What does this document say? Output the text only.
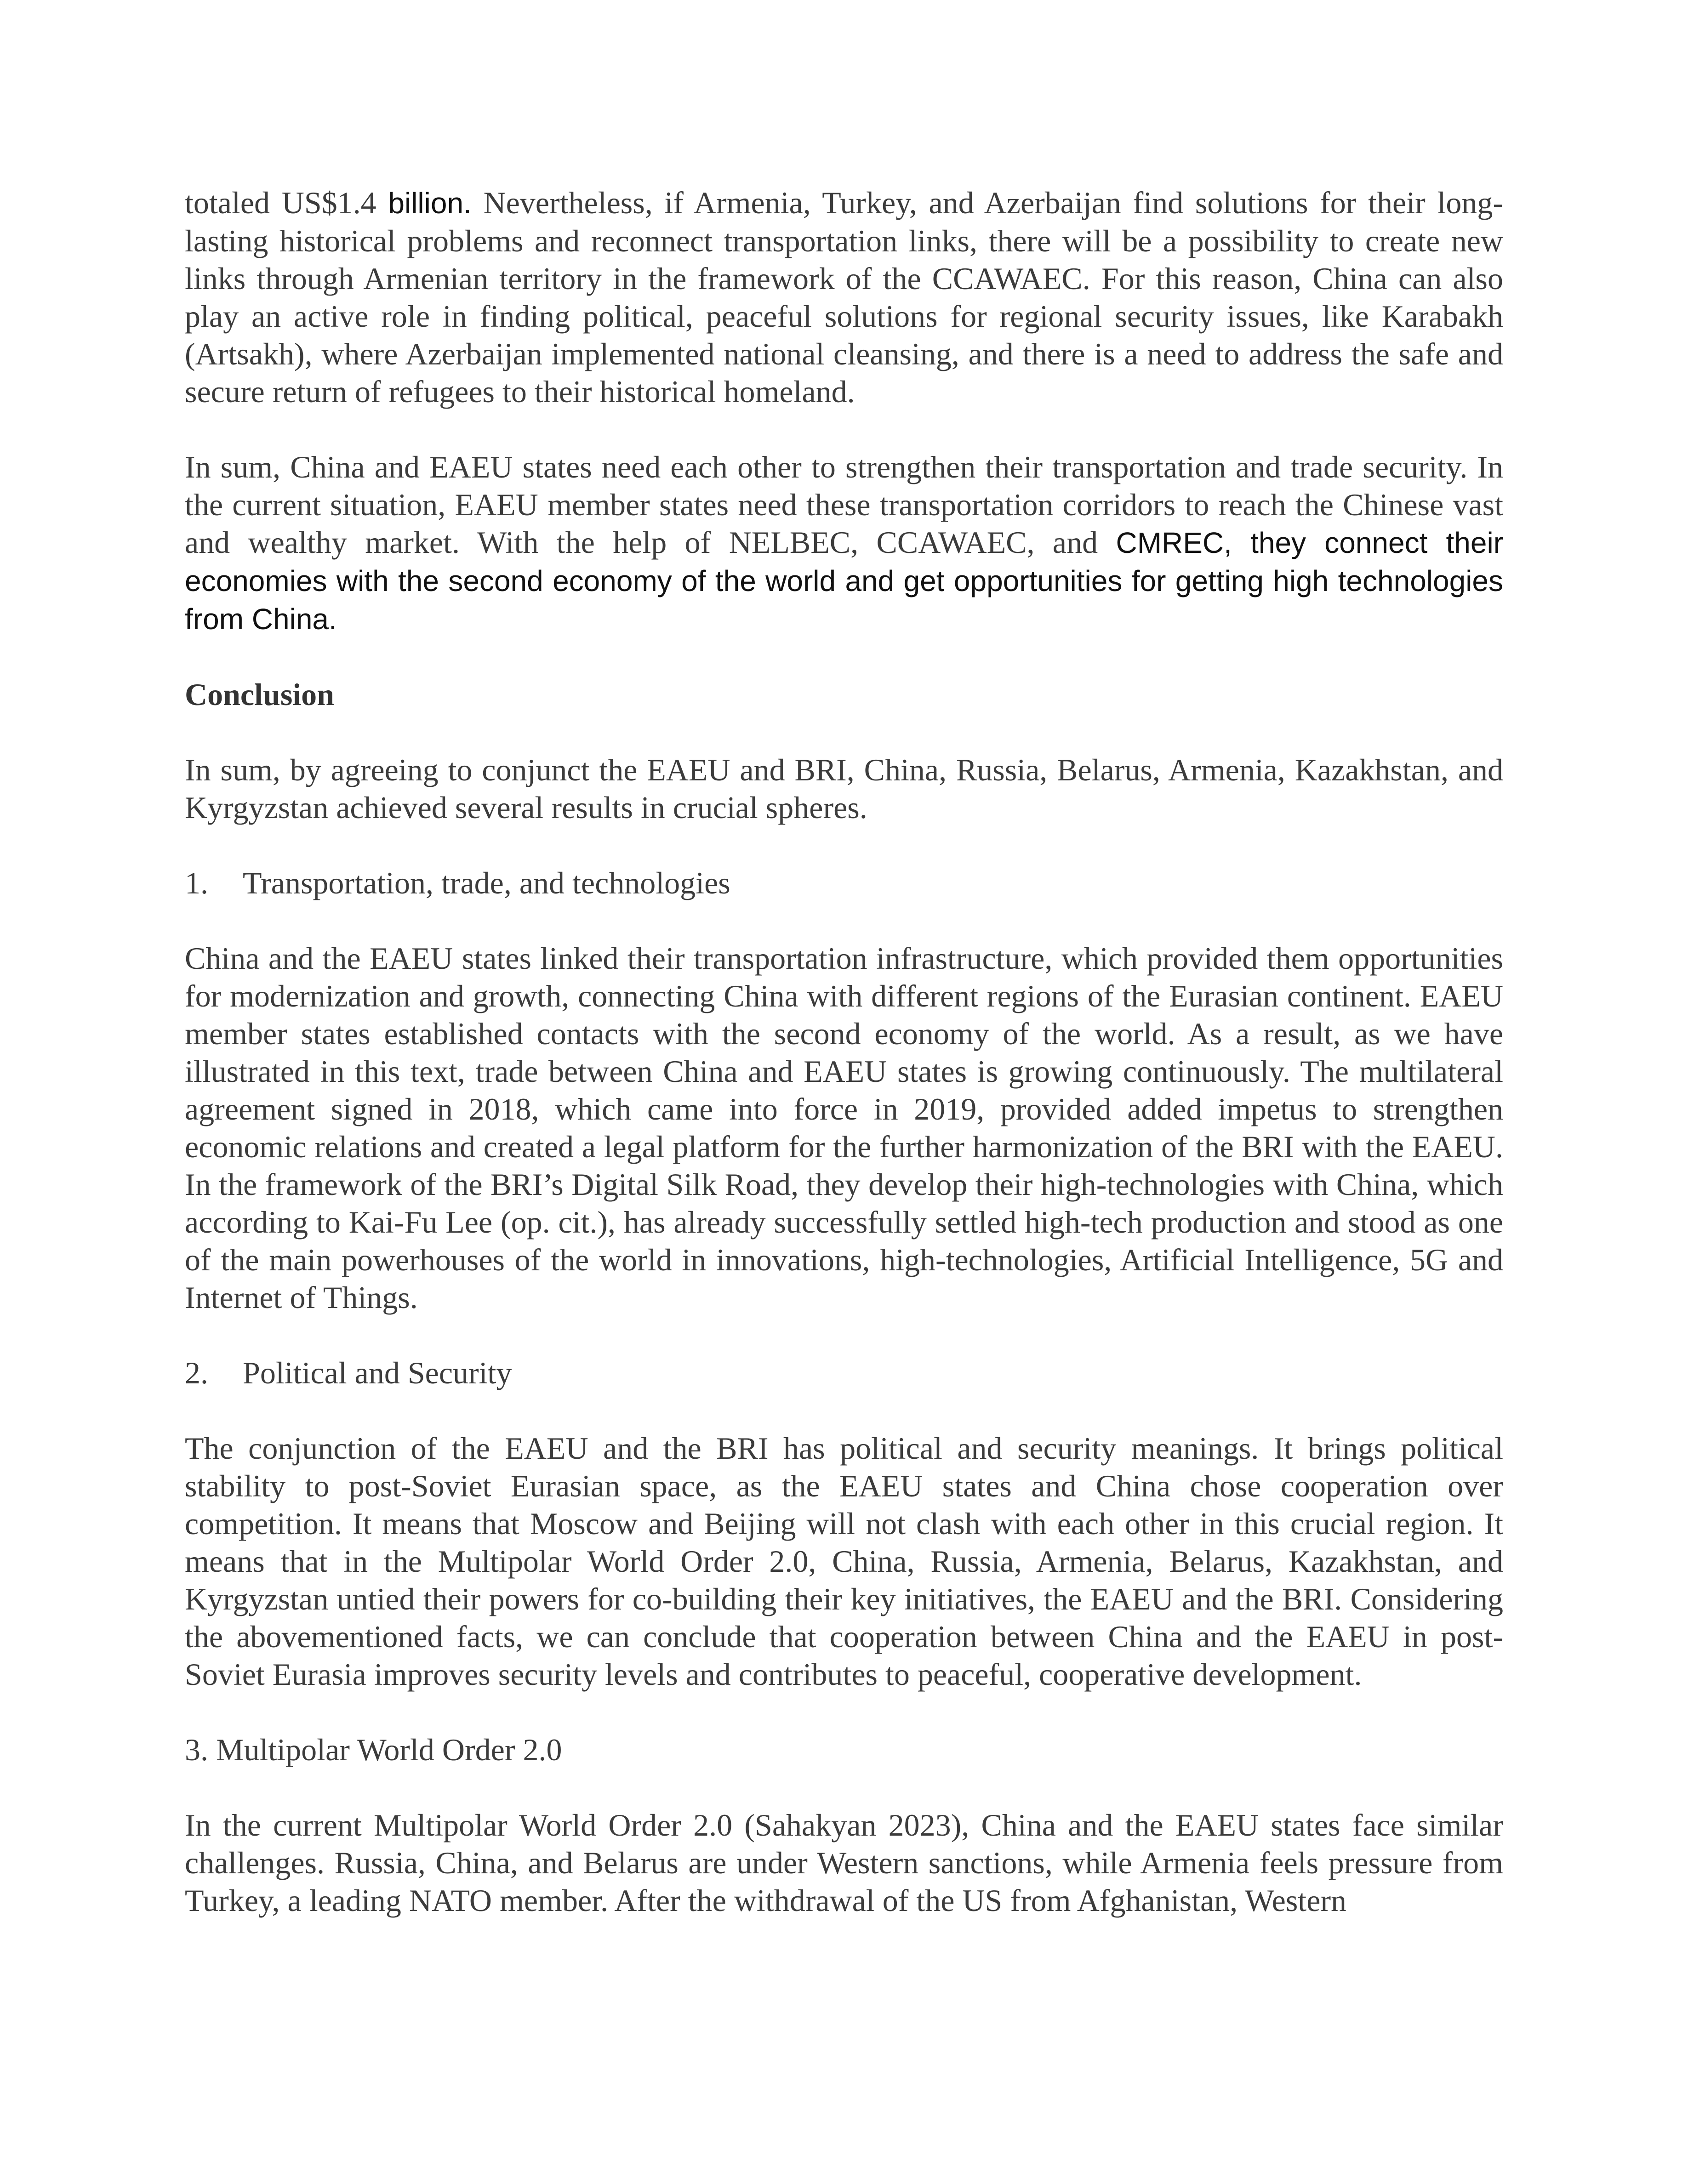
totaled US$1.4 billion. Nevertheless, if Armenia, Turkey, and Azerbaijan find solutions for their long-lasting historical problems and reconnect transportation links, there will be a possibility to create new links through Armenian territory in the framework of the CCAWAEC. For this reason, China can also play an active role in finding political, peaceful solutions for regional security issues, like Karabakh (Artsakh), where Azerbaijan implemented national cleansing, and there is a need to address the safe and secure return of refugees to their historical homeland.

In sum, China and EAEU states need each other to strengthen their transportation and trade security. In the current situation, EAEU member states need these transportation corridors to reach the Chinese vast and wealthy market. With the help of NELBEC, CCAWAEC, and CMREC, they connect their economies with the second economy of the world and get opportunities for getting high technologies from China.

Conclusion

In sum, by agreeing to conjunct the EAEU and BRI, China, Russia, Belarus, Armenia, Kazakhstan, and Kyrgyzstan achieved several results in crucial spheres.

1.	Transportation, trade, and technologies

China and the EAEU states linked their transportation infrastructure, which provided them opportunities for modernization and growth, connecting China with different regions of the Eurasian continent. EAEU member states established contacts with the second economy of the world. As a result, as we have illustrated in this text, trade between China and EAEU states is growing continuously. The multilateral agreement signed in 2018, which came into force in 2019, provided added impetus to strengthen economic relations and created a legal platform for the further harmonization of the BRI with the EAEU. In the framework of the BRI’s Digital Silk Road, they develop their high-technologies with China, which according to Kai-Fu Lee (op. cit.), has already successfully settled high-tech production and stood as one of the main powerhouses of the world in innovations, high-technologies, Artificial Intelligence, 5G and Internet of Things.

2.	Political and Security

The conjunction of the EAEU and the BRI has political and security meanings. It brings political stability to post-Soviet Eurasian space, as the EAEU states and China chose cooperation over competition. It means that Moscow and Beijing will not clash with each other in this crucial region. It means that in the Multipolar World Order 2.0, China, Russia, Armenia, Belarus, Kazakhstan, and Kyrgyzstan untied their powers for co-building their key initiatives, the EAEU and the BRI. Considering the abovementioned facts, we can conclude that cooperation between China and the EAEU in post-Soviet Eurasia improves security levels and contributes to peaceful, cooperative development.

3. Multipolar World Order 2.0

In the current Multipolar World Order 2.0 (Sahakyan 2023), China and the EAEU states face similar challenges. Russia, China, and Belarus are under Western sanctions, while Armenia feels pressure from Turkey, a leading NATO member. After the withdrawal of the US from Afghanistan, Western
